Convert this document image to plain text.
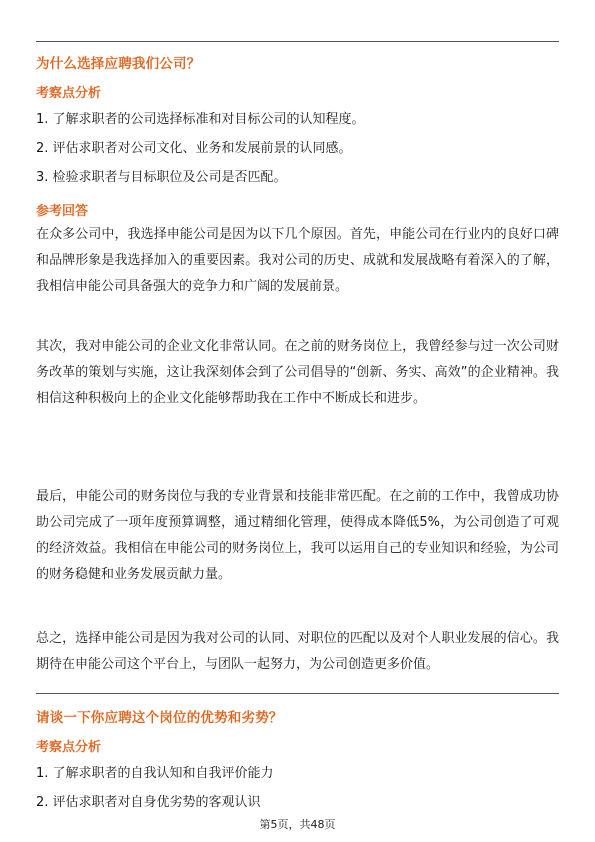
为什么选择应聘我们公司？
考察点分析
1. 了解求职者的公司选择标准和对目标公司的认知程度。
2. 评估求职者对公司文化、业务和发展前景的认同感。
3. 检验求职者与目标职位及公司是否匹配。
参考回答
在众多公司中，我选择申能公司是因为以下几个原因。首先，申能公司在行业内的良好口碑和品牌形象是我选择加入的重要因素。我对公司的历史、成就和发展战略有着深入的了解，我相信申能公司具备强大的竞争力和广阔的发展前景。
其次，我对申能公司的企业文化非常认同。在之前的财务岗位上，我曾经参与过一次公司财务改革的策划与实施，这让我深刻体会到了公司倡导的“创新、务实、高效”的企业精神。我相信这种积极向上的企业文化能够帮助我在工作中不断成长和进步。
最后，申能公司的财务岗位与我的专业背景和技能非常匹配。在之前的工作中，我曾成功协助公司完成了一项年度预算调整，通过精细化管理，使得成本降低5%，为公司创造了可观的经济效益。我相信在申能公司的财务岗位上，我可以运用自己的专业知识和经验，为公司的财务稳健和业务发展贡献力量。
总之，选择申能公司是因为我对公司的认同、对职位的匹配以及对个人职业发展的信心。我期待在申能公司这个平台上，与团队一起努力，为公司创造更多价值。
请谈一下你应聘这个岗位的优势和劣势？
考察点分析
1. 了解求职者的自我认知和自我评价能力
2. 评估求职者对自身优劣势的客观认识
第5页，共48页
